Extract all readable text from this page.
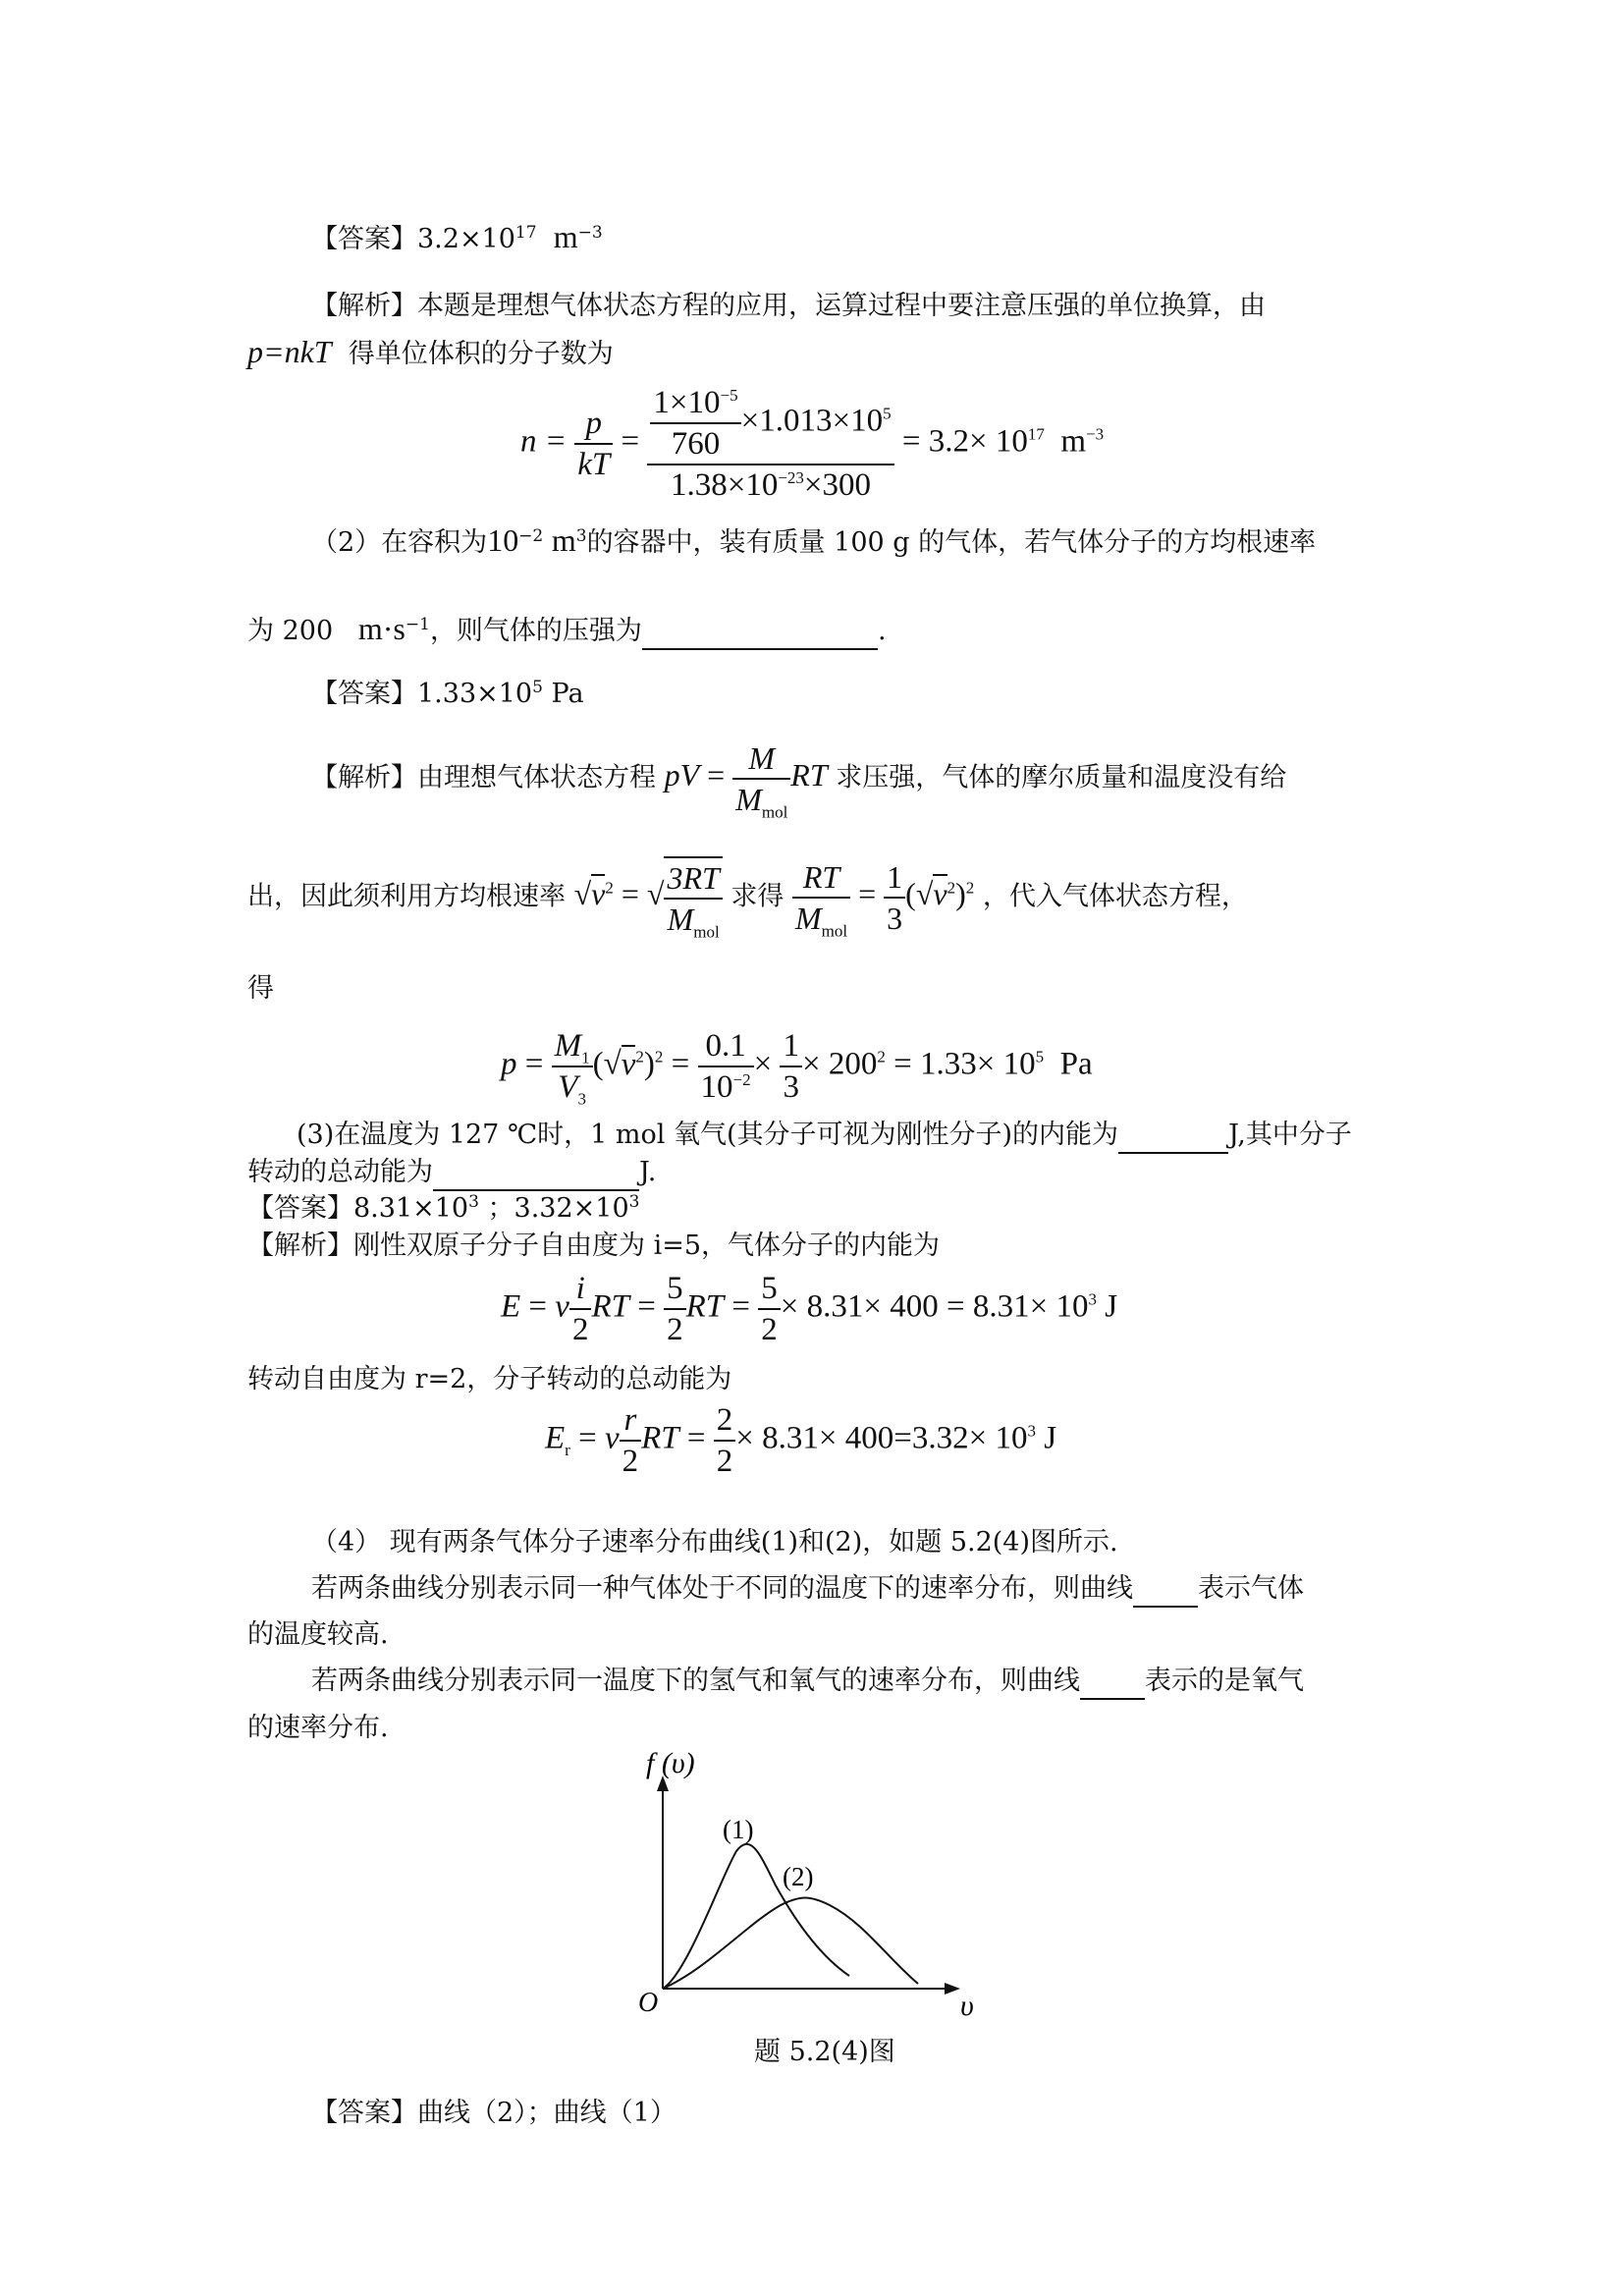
【答案】$3.2\times 10^{17}$ $m^{-3}$
【解析】本题是理想气体状态方程的应用，运算过程中要注意压强的单位换算，由
p=nkT 得单位体积的分子数为
$n = \frac{p}{kT} = \frac{\frac{1\times 10^{-5}}{760} \times 1.013\times 10^5}{1.38\times 10^{-23}\times 300} = 3.2\times 10^{17}$ $m^{-3}$
（2）在容积为$10^{-2}$ $m^3$的容器中，装有质量 100 g 的气体，若气体分子的方均根速率
为 200 $m\cdot s^{-1}$，则气体的压强为	.
【答案】$1.33\times 10^5$ Pa
【解析】由理想气体状态方程 pV = $\frac{M}{M_{mol}}$ RT 求压强，气体的摩尔质量和温度没有给
出，因此须利用方均根速率 $√v^2$ = √ $\frac{3RT}{M_{mol}}$ 求得 $\frac{RT}{M_{mol}} = \frac{1}{3} (√v^2)^2$ ，代入气体状态方程，
得
$p = \frac{M_1}{V_3} (√v^2)^2 = \frac{0.1}{10^{-2}} \times \frac{1}{3} \times 200^2 = 1.33\times 10^5$ Pa
(3)在温度为 127 ℃时，1 mol 氧气(其分子可视为刚性分子)的内能为	J,其中分子
转动的总动能为	J.
【答案】$8.31\times 10^3$ ；$3.32\times 10^3$
【解析】刚性双原子分子自由度为 i=5，气体分子的内能为
E = v $\frac{i}{2}$ RT = $\frac{5}{2}$ RT = $\frac{5}{2} \times 8.31\times 400 = 8.31\times 10^3$ J
转动自由度为 r=2，分子转动的总动能为
$E_r = v \frac{r}{2}$ RT = $\frac{2}{2} \times 8.31\times 400=3.32\times 10^3$ J
（4） 现有两条气体分子速率分布曲线(1)和(2)，如题 5.2(4)图所示.
若两条曲线分别表示同一种气体处于不同的温度下的速率分布，则曲线 表示气体
的温度较高.
若两条曲线分别表示同一温度下的氢气和氧气的速率分布，则曲线 表示的是氧气
的速率分布.
f (υ)
υ
O
(1)
(2)
题 5.2(4)图
【答案】曲线（2）；曲线（1）
